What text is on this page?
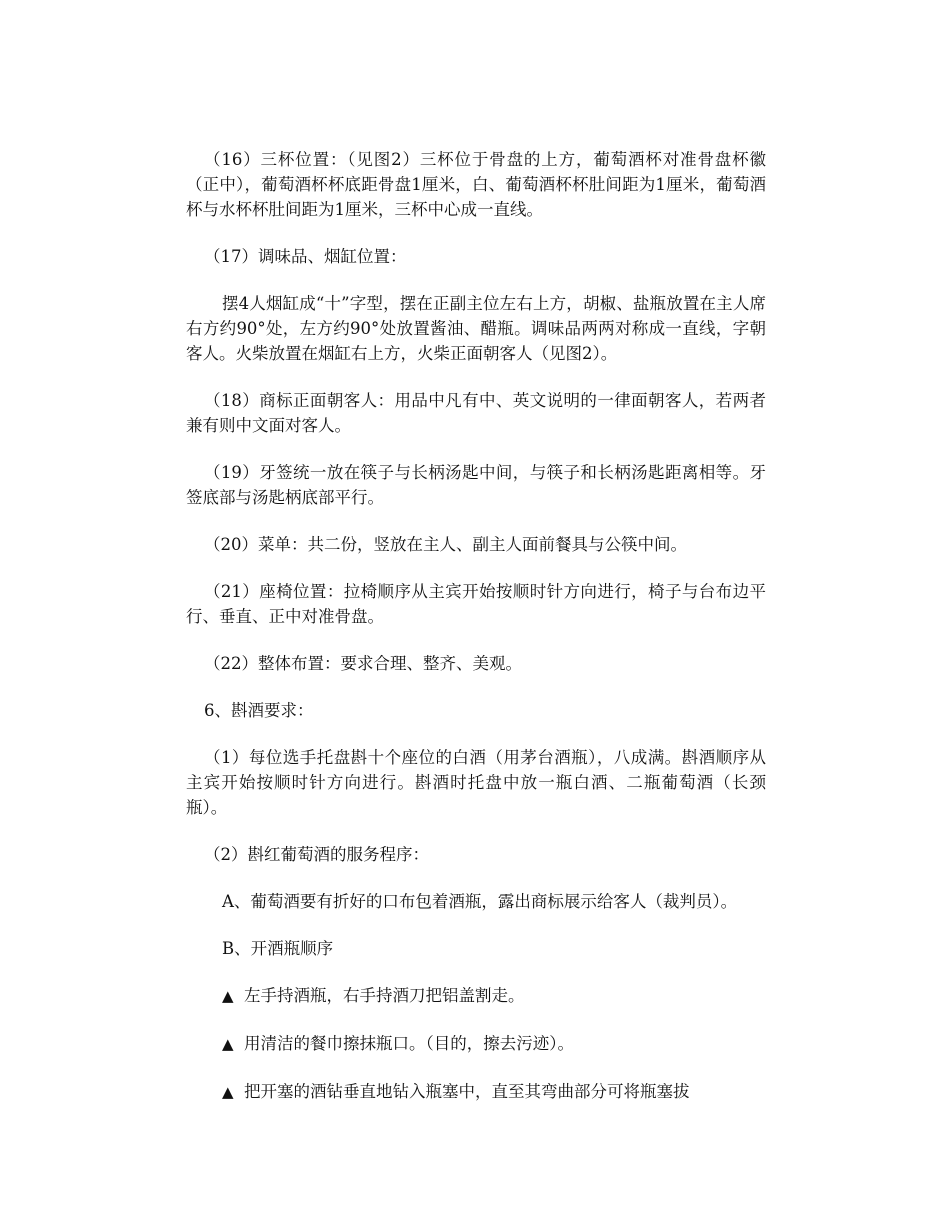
（16）三杯位置：（见图2）三杯位于骨盘的上方，葡萄酒杯对准骨盘杯徽（正中），葡萄酒杯杯底距骨盘1厘米，白、葡萄酒杯杯肚间距为1厘米，葡萄酒杯与水杯杯肚间距为1厘米，三杯中心成一直线。

（17）调味品、烟缸位置：

摆4人烟缸成“十”字型，摆在正副主位左右上方，胡椒、盐瓶放置在主人席右方约90°处，左方约90°处放置酱油、醋瓶。调味品两两对称成一直线，字朝客人。火柴放置在烟缸右上方，火柴正面朝客人（见图2）。

（18）商标正面朝客人：用品中凡有中、英文说明的一律面朝客人，若两者兼有则中文面对客人。

（19）牙签统一放在筷子与长柄汤匙中间，与筷子和长柄汤匙距离相等。牙签底部与汤匙柄底部平行。

（20）菜单：共二份，竖放在主人、副主人面前餐具与公筷中间。

（21）座椅位置：拉椅顺序从主宾开始按顺时针方向进行，椅子与台布边平行、垂直、正中对准骨盘。

（22）整体布置：要求合理、整齐、美观。

6、斟酒要求：

（1）每位选手托盘斟十个座位的白酒（用茅台酒瓶），八成满。斟酒顺序从主宾开始按顺时针方向进行。斟酒时托盘中放一瓶白酒、二瓶葡萄酒（长颈瓶）。

（2）斟红葡萄酒的服务程序：

A、葡萄酒要有折好的口布包着酒瓶，露出商标展示给客人（裁判员）。

B、开酒瓶顺序

▲ 左手持酒瓶，右手持酒刀把铝盖割走。

▲ 用清洁的餐巾擦抹瓶口。（目的，擦去污迹）。

▲ 把开塞的酒钻垂直地钻入瓶塞中，直至其弯曲部分可将瓶塞拔
